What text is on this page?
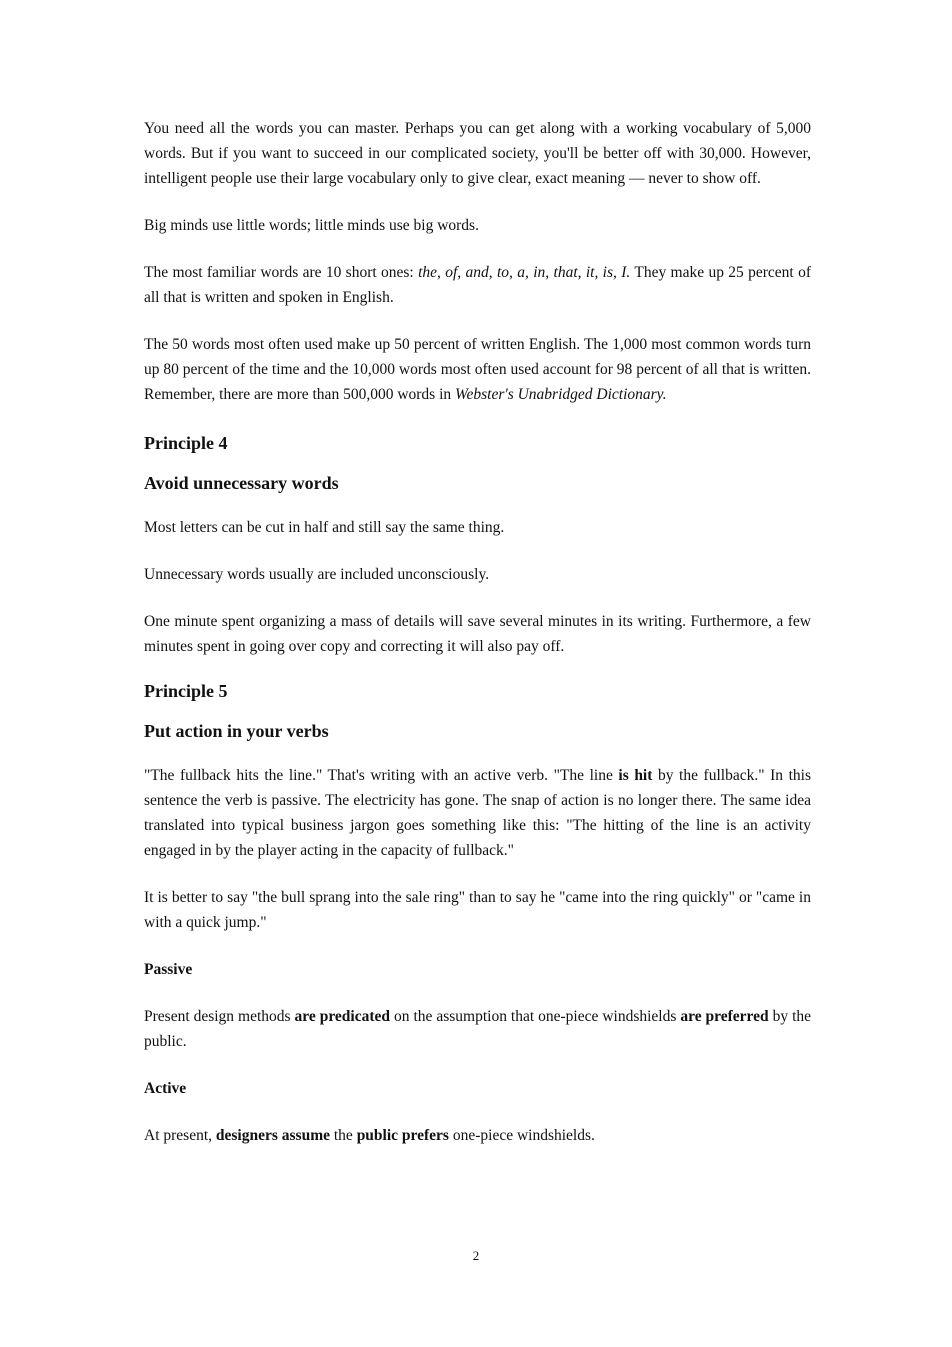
You need all the words you can master. Perhaps you can get along with a working vocabulary of 5,000 words. But if you want to succeed in our complicated society, you'll be better off with 30,000. However, intelligent people use their large vocabulary only to give clear, exact meaning — never to show off.

Big minds use little words; little minds use big words.

The most familiar words are 10 short ones: the, of, and, to, a, in, that, it, is, I. They make up 25 percent of all that is written and spoken in English.

The 50 words most often used make up 50 percent of written English. The 1,000 most common words turn up 80 percent of the time and the 10,000 words most often used account for 98 percent of all that is written. Remember, there are more than 500,000 words in Webster's Unabridged Dictionary.

Principle 4
Avoid unnecessary words

Most letters can be cut in half and still say the same thing.

Unnecessary words usually are included unconsciously.

One minute spent organizing a mass of details will save several minutes in its writing. Furthermore, a few minutes spent in going over copy and correcting it will also pay off.

Principle 5
Put action in your verbs

"The fullback hits the line." That's writing with an active verb. "The line is hit by the fullback." In this sentence the verb is passive. The electricity has gone. The snap of action is no longer there. The same idea translated into typical business jargon goes something like this: "The hitting of the line is an activity engaged in by the player acting in the capacity of fullback."

It is better to say "the bull sprang into the sale ring" than to say he "came into the ring quickly" or "came in with a quick jump."

Passive

Present design methods are predicated on the assumption that one-piece windshields are preferred by the public.

Active

At present, designers assume the public prefers one-piece windshields.

2
